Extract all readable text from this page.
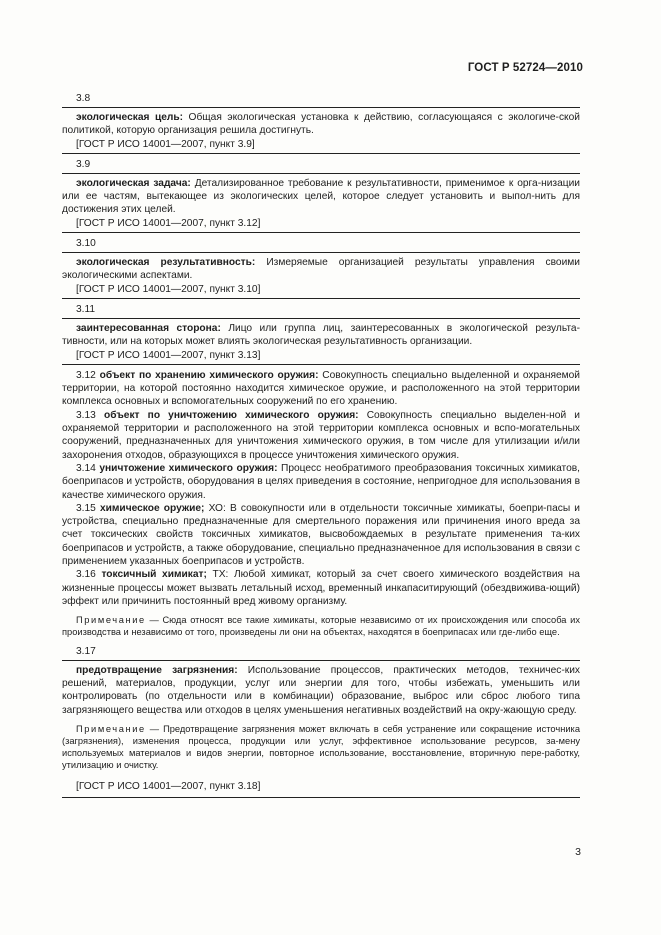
ГОСТ Р 52724—2010
3.8

экологическая цель: Общая экологическая установка к действию, согласующаяся с экологиче-ской политикой, которую организация решила достигнуть.

[ГОСТ Р ИСО 14001—2007, пункт 3.9]

3.9

экологическая задача: Детализированное требование к результативности, применимое к орга-низации или ее частям, вытекающее из экологических целей, которое следует установить и выпол-нить для достижения этих целей.

[ГОСТ Р ИСО 14001—2007, пункт 3.12]

3.10

экологическая результативность: Измеряемые организацией результаты управления своими экологическими аспектами.

[ГОСТ Р ИСО 14001—2007, пункт 3.10]

3.11

заинтересованная сторона: Лицо или группа лиц, заинтересованных в экологической результа-тивности, или на которых может влиять экологическая результативность организации.

[ГОСТ Р ИСО 14001—2007, пункт 3.13]

3.12 объект по хранению химического оружия: Совокупность специально выделенной и охраняемой территории, на которой постоянно находится химическое оружие, и расположенного на этой территории комплекса основных и вспомогательных сооружений по его хранению.

3.13 объект по уничтожению химического оружия: Совокупность специально выделен-ной и охраняемой территории и расположенного на этой территории комплекса основных и вспо-могательных сооружений, предназначенных для уничтожения химического оружия, в том числе для утилизации и/или захоронения отходов, образующихся в процессе уничтожения химического оружия.

3.14 уничтожение химического оружия: Процесс необратимого преобразования токсичных химикатов, боеприпасов и устройств, оборудования в целях приведения в состояние, непригодное для использования в качестве химического оружия.

3.15 химическое оружие; ХО: В совокупности или в отдельности токсичные химикаты, боепри-пасы и устройства, специально предназначенные для смертельного поражения или причинения иного вреда за счет токсических свойств токсичных химикатов, высвобождаемых в результате применения та-ких боеприпасов и устройств, а также оборудование, специально предназначенное для использования в связи с применением указанных боеприпасов и устройств.

3.16 токсичный химикат; ТХ: Любой химикат, который за счет своего химического воздействия на жизненные процессы может вызвать летальный исход, временный инкапаситирующий (обездвижива-ющий) эффект или причинить постоянный вред живому организму.

Примечание — Сюда относят все такие химикаты, которые независимо от их происхождения или способа их производства и независимо от того, произведены ли они на объектах, находятся в боеприпасах или где-либо еще.

3.17

предотвращение загрязнения: Использование процессов, практических методов, техничес-ких решений, материалов, продукции, услуг или энергии для того, чтобы избежать, уменьшить или контролировать (по отдельности или в комбинации) образование, выброс или сброс любого типа загрязняющего вещества или отходов в целях уменьшения негативных воздействий на окру-жающую среду.

Примечание — Предотвращение загрязнения может включать в себя устранение или сокращение источника (загрязнения), изменения процесса, продукции или услуг, эффективное использование ресурсов, за-мену используемых материалов и видов энергии, повторное использование, восстановление, вторичную пере-работку, утилизацию и очистку.

[ГОСТ Р ИСО 14001—2007, пункт 3.18]

3
